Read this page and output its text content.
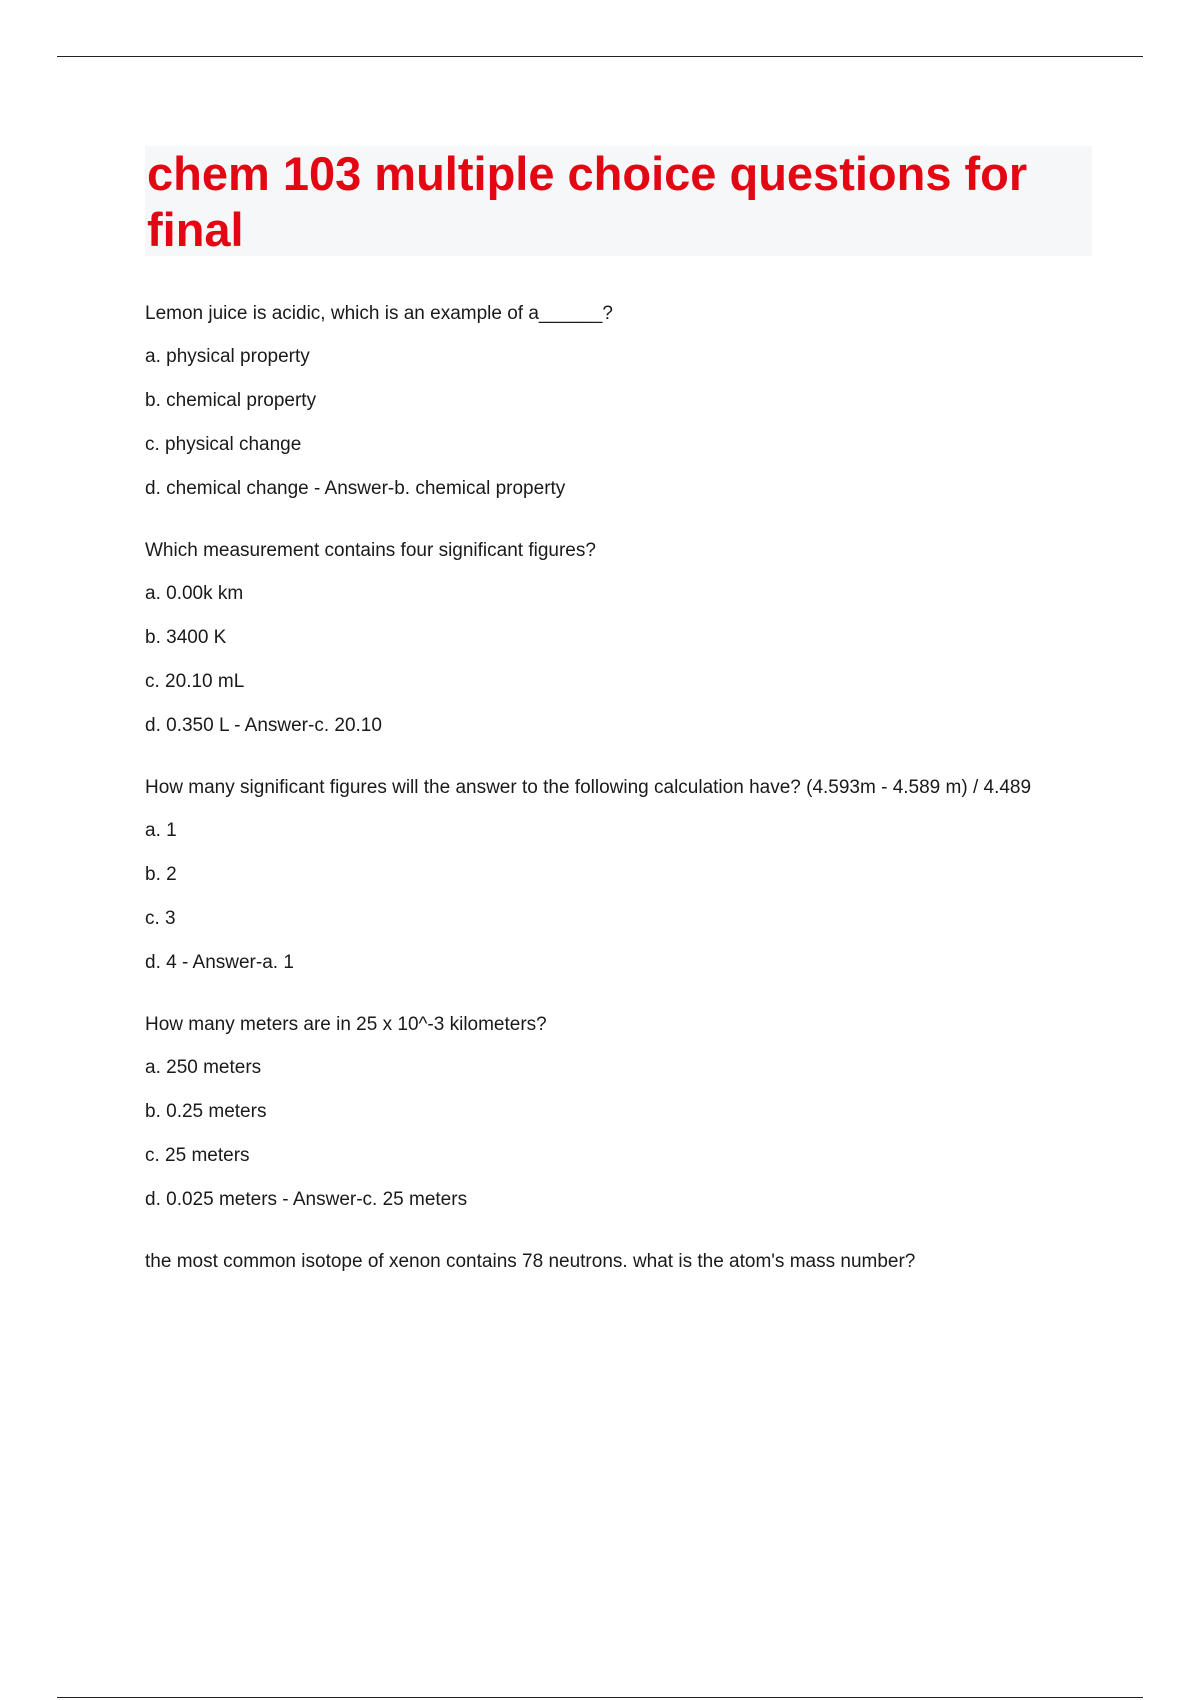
chem 103 multiple choice questions for final

Lemon juice is acidic, which is an example of a______?

a. physical property

b. chemical property

c. physical change

d. chemical change - Answer-b. chemical property

Which measurement contains four significant figures?

a. 0.00k km

b. 3400 K

c. 20.10 mL

d. 0.350 L - Answer-c. 20.10

How many significant figures will the answer to the following calculation have? (4.593m - 4.589 m) / 4.489

a. 1

b. 2

c. 3

d. 4 - Answer-a. 1

How many meters are in 25 x 10^-3 kilometers?

a. 250 meters

b. 0.25 meters

c. 25 meters

d. 0.025 meters - Answer-c. 25 meters

the most common isotope of xenon contains 78 neutrons. what is the atom's mass number?
